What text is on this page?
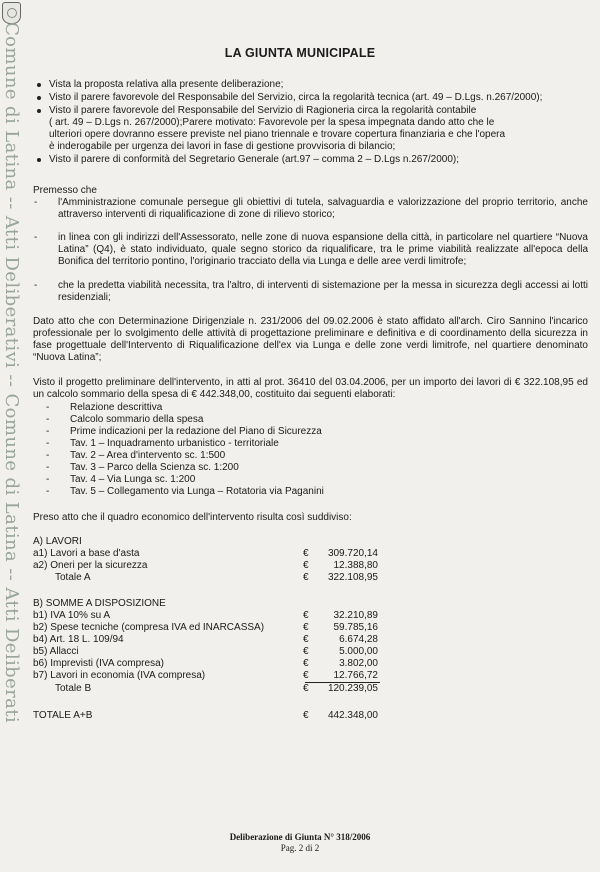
Comune di Latina -- Atti Deliberativi -- Comune di Latina -- Atti Deliberati	LA GIUNTA MUNICIPALE
Vista la proposta relativa alla presente deliberazione;
Visto il parere favorevole del Responsabile del Servizio, circa la regolarità tecnica (art. 49 – D.Lgs. n.267/2000);
Visto il parere favorevole del Responsabile del Servizio di Ragioneria circa la regolarità contabile
( art. 49 – D.Lgs n. 267/2000);Parere motivato: Favorevole per la spesa impegnata dando atto che le
ulteriori opere dovranno essere previste nel piano triennale e trovare copertura finanziaria e che l'opera
è inderogabile per urgenza dei lavori in fase di gestione provvisoria di bilancio;
Visto il parere di conformità del Segretario Generale (art.97 – comma 2 – D.Lgs n.267/2000);
Premesso che
- l'Amministrazione comunale persegue gli obiettivi di tutela, salvaguardia e valorizzazione del proprio territorio, anche attraverso interventi di riqualificazione di zone di rilievo storico;
- in linea con gli indirizzi dell'Assessorato, nelle zone di nuova espansione della città, in particolare nel quartiere “Nuova Latina” (Q4), è stato individuato, quale segno storico da riqualificare, tra le prime viabilità realizzate all'epoca della Bonifica del territorio pontino, l'originario tracciato della via Lunga e delle aree verdi limitrofe;
- che la predetta viabilità necessita, tra l'altro, di interventi di sistemazione per la messa in sicurezza degli accessi ai lotti residenziali;
Dato atto che con Determinazione Dirigenziale n. 231/2006 del 09.02.2006 è stato affidato all'arch. Ciro Sannino l'incarico professionale per lo svolgimento delle attività di progettazione preliminare e definitiva e di coordinamento della sicurezza in fase progettuale dell'Intervento di Riqualificazione dell'ex via Lunga e delle zone verdi limitrofe, nel quartiere denominato “Nuova Latina”;
Visto il progetto preliminare dell'intervento, in atti al prot. 36410 del 03.04.2006, per un importo dei lavori di € 322.108,95 ed un calcolo sommario della spesa di € 442.348,00, costituito dai seguenti elaborati:
- Relazione descrittiva
- Calcolo sommario della spesa
- Prime indicazioni per la redazione del Piano di Sicurezza
- Tav. 1 – Inquadramento urbanistico - territoriale
- Tav. 2 – Area d'intervento sc. 1:500
- Tav. 3 – Parco della Scienza sc. 1:200
- Tav. 4 – Via Lunga sc. 1:200
- Tav. 5 – Collegamento via Lunga – Rotatoria via Paganini
Preso atto che il quadro economico dell'intervento risulta così suddiviso:
A) LAVORI
a1) Lavori a base d'asta	€	309.720,14
a2) Oneri per la sicurezza	€	12.388,80
Totale A	€	322.108,95
B) SOMME A DISPOSIZIONE
b1) IVA 10% su A	€	32.210,89
b2) Spese tecniche (compresa IVA ed INARCASSA)	€	59.785,16
b4) Art. 18 L. 109/94	€	6.674,28
b5) Allacci	€	5.000,00
b6) Imprevisti (IVA compresa)	€	3.802,00
b7) Lavori in economia (IVA compresa)	€	12.766,72
Totale B	€	120.239,05
TOTALE A+B	€	442.348,00
Deliberazione di Giunta N° 318/2006
Pag. 2 di 2
